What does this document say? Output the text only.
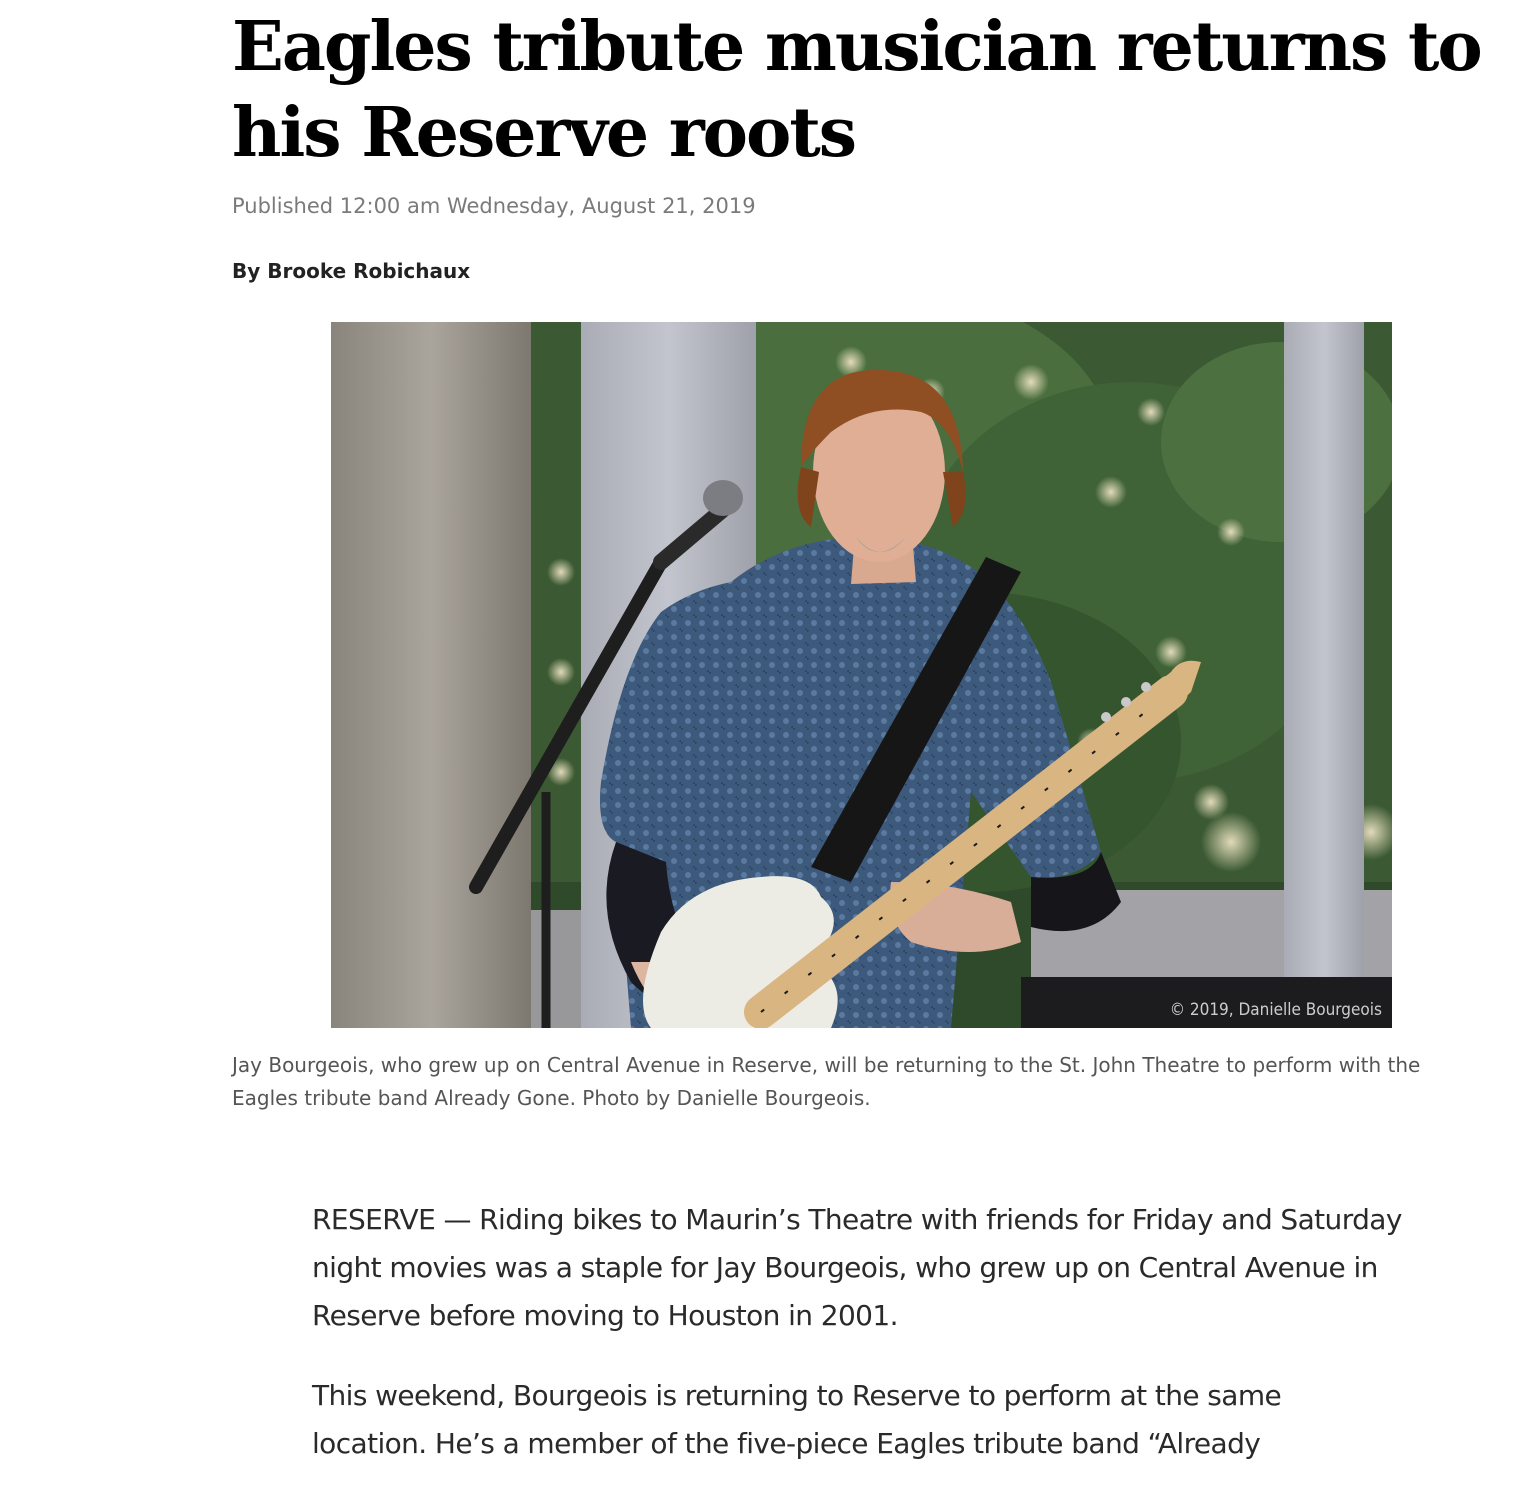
Eagles tribute musician returns to his Reserve roots
Published 12:00 am Wednesday, August 21, 2019
By Brooke Robichaux
© 2019, Danielle Bourgeois

Jay Bourgeois, who grew up on Central Avenue in Reserve, will be returning to the St. John Theatre to perform with the Eagles tribute band Already Gone. Photo by Danielle Bourgeois.

RESERVE — Riding bikes to Maurin’s Theatre with friends for Friday and Saturday night movies was a staple for Jay Bourgeois, who grew up on Central Avenue in Reserve before moving to Houston in 2001.

This weekend, Bourgeois is returning to Reserve to perform at the same location. He’s a member of the five-piece Eagles tribute band “Already
